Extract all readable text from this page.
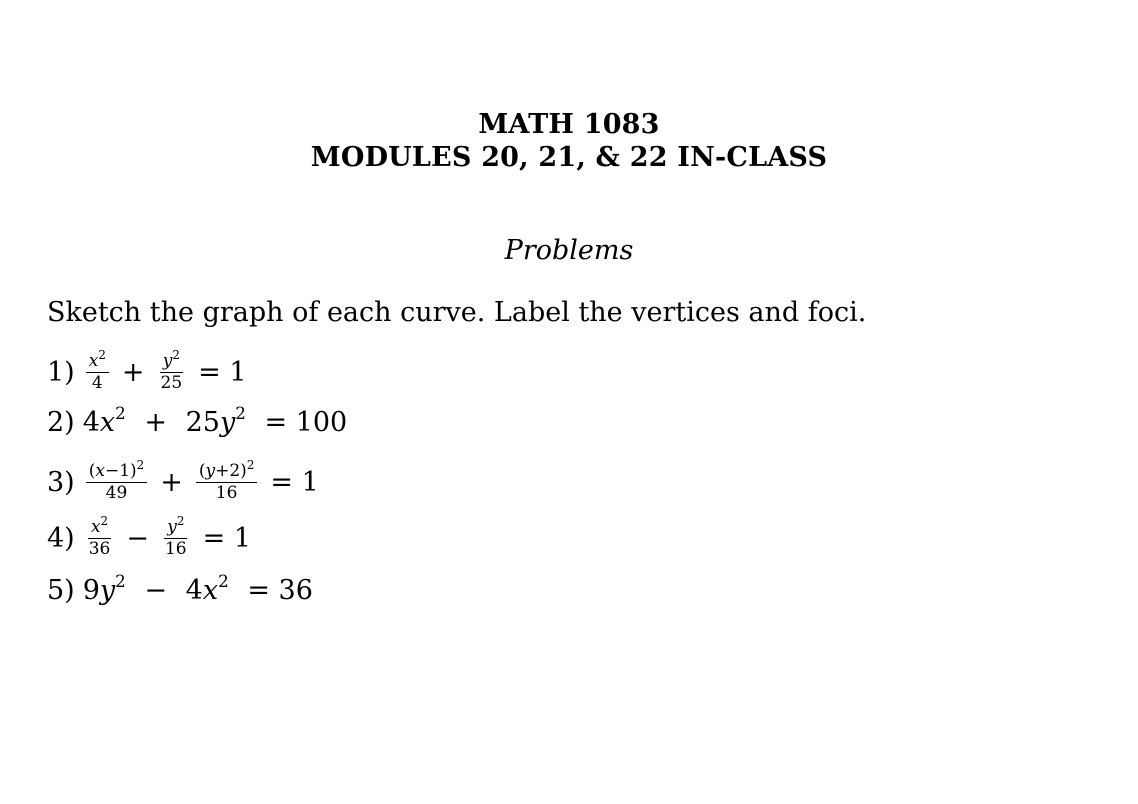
MATH 1083
MODULES 20, 21, & 22 IN-CLASS
Problems
Sketch the graph of each curve. Label the vertices and foci.
$1) \frac{x^2}{4} + \frac{y^2}{25} = 1$
2) $4x^2 + 25y^2 = 100$
$3) \frac{(x-1)^2}{49} + \frac{(y+2)^2}{16} = 1$
$4) \frac{x^2}{36} - \frac{y^2}{16} = 1$
5) $9y^2 - 4x^2 = 36$
